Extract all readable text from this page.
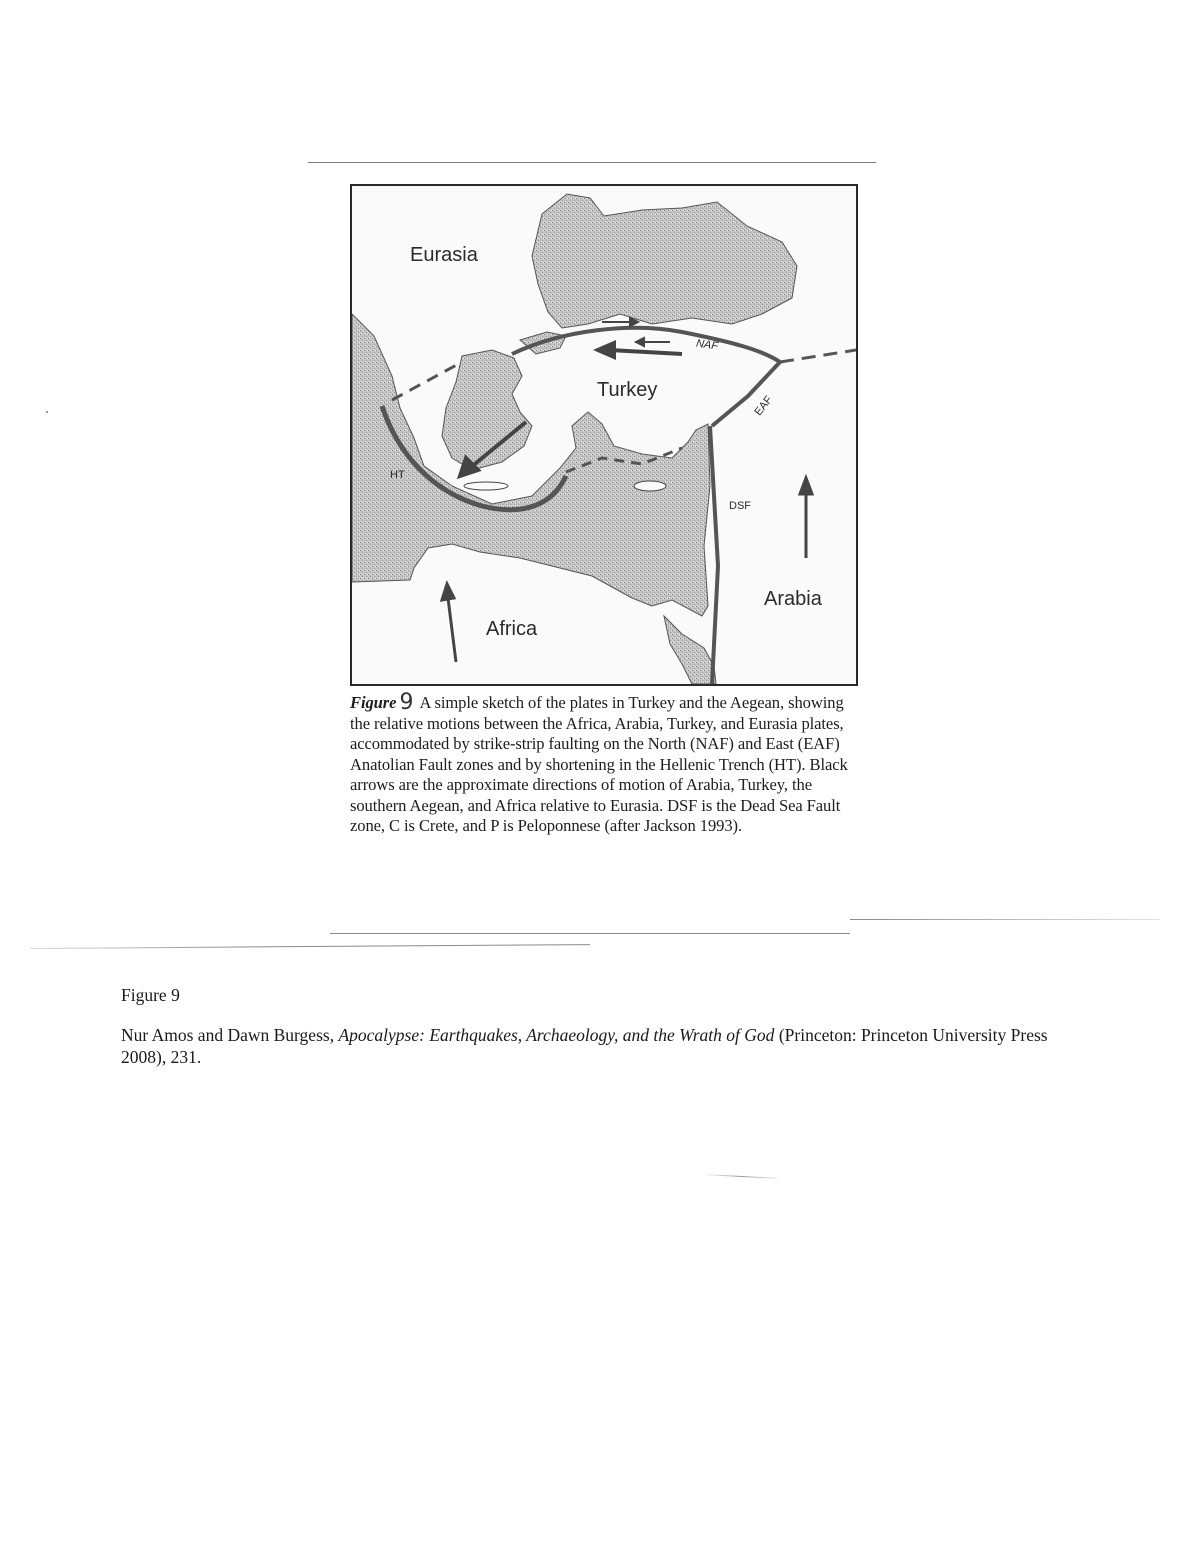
Eurasia
Turkey
Africa
Arabia
NAF
EAF
DSF
HT
Figure 9 A simple sketch of the plates in Turkey and the Aegean, showing the relative motions between the Africa, Arabia, Turkey, and Eurasia plates, accommodated by strike-strip faulting on the North (NAF) and East (EAF) Anatolian Fault zones and by shortening in the Hellenic Trench (HT). Black arrows are the approximate directions of motion of Arabia, Turkey, the southern Aegean, and Africa relative to Eurasia. DSF is the Dead Sea Fault zone, C is Crete, and P is Peloponnese (after Jackson 1993).
Figure 9
Nur Amos and Dawn Burgess, Apocalypse: Earthquakes, Archaeology, and the Wrath of God (Princeton: Princeton University Press 2008), 231.
